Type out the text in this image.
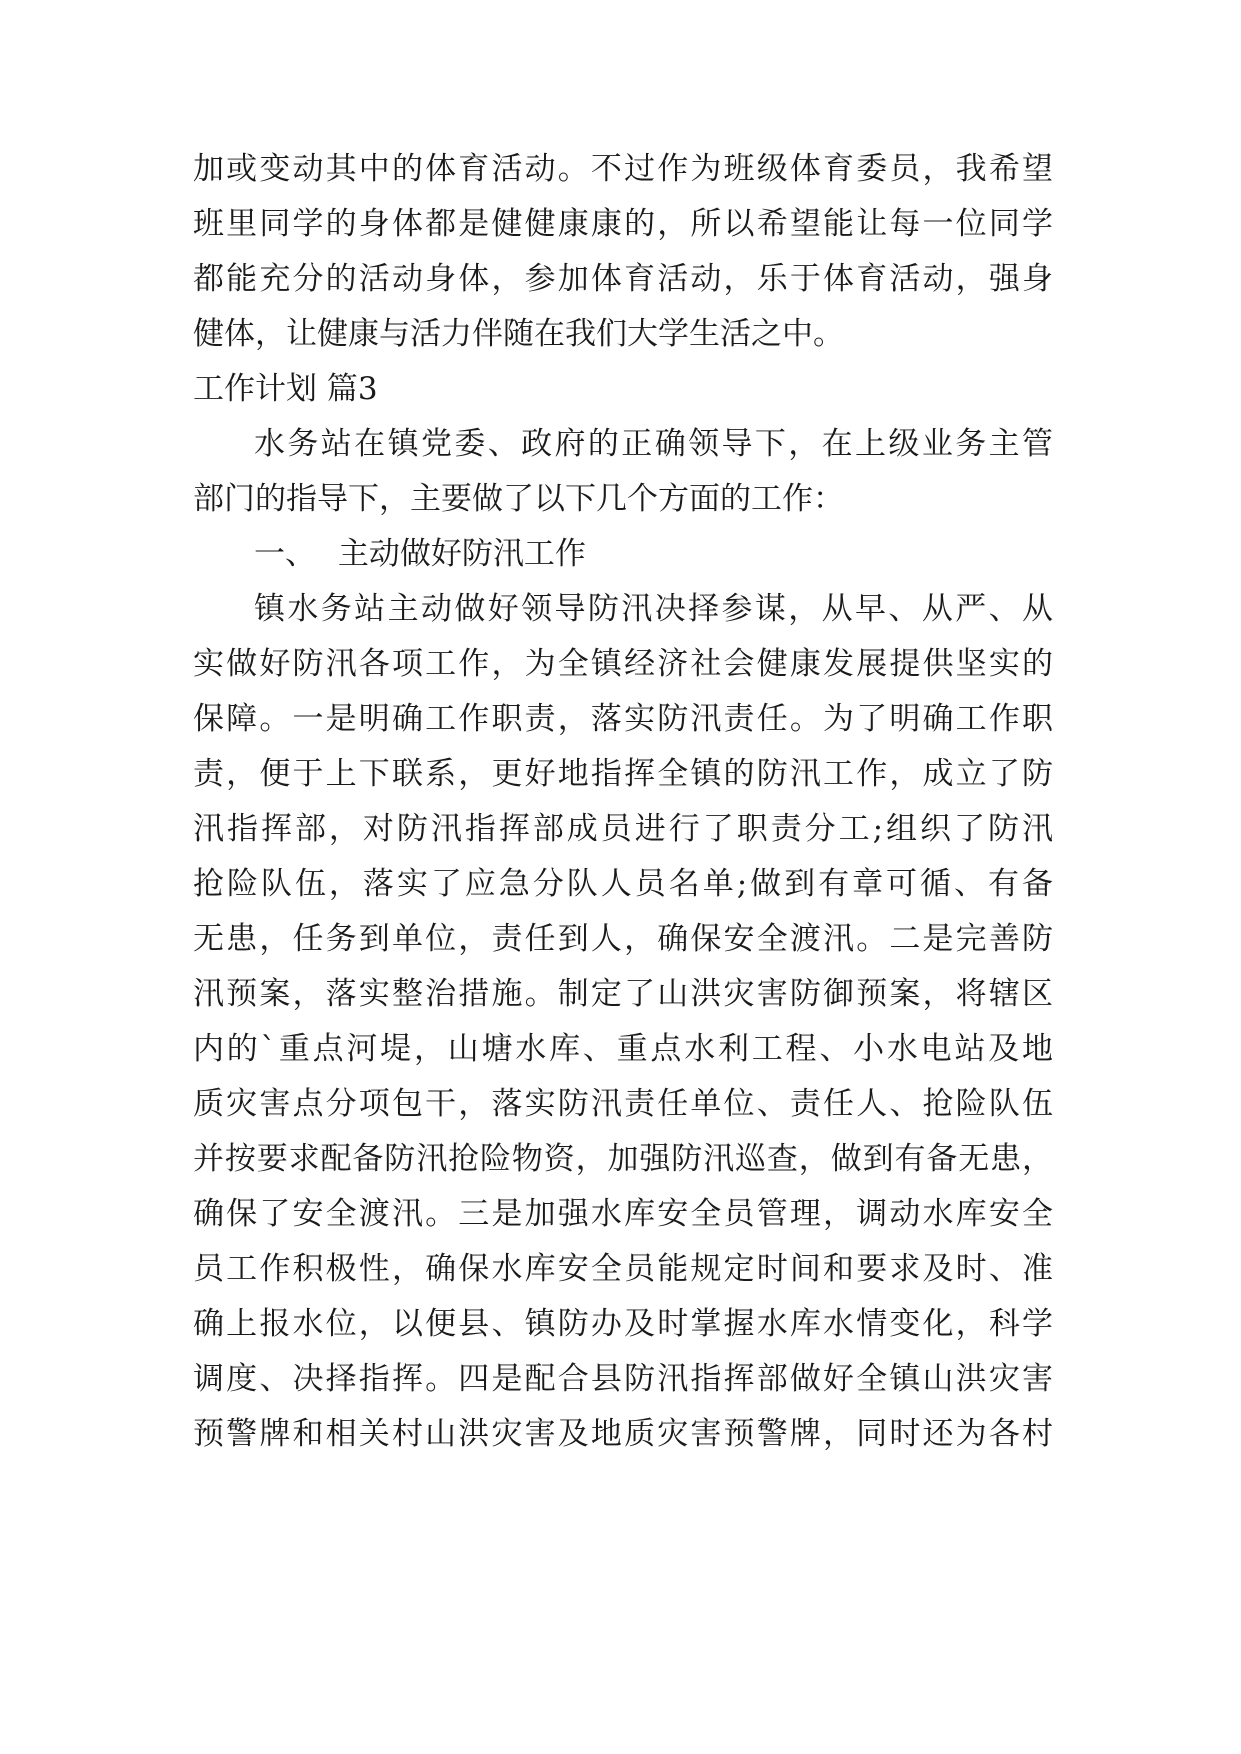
加或变动其中的体育活动。不过作为班级体育委员，我希望
班里同学的身体都是健健康康的，所以希望能让每一位同学
都能充分的活动身体，参加体育活动，乐于体育活动，强身
健体，让健康与活力伴随在我们大学生活之中。
工作计划 篇3
水务站在镇党委、政府的正确领导下，在上级业务主管
部门的指导下，主要做了以下几个方面的工作：
一、 主动做好防汛工作
镇水务站主动做好领导防汛决择参谋，从早、从严、从
实做好防汛各项工作，为全镇经济社会健康发展提供坚实的
保障。一是明确工作职责，落实防汛责任。为了明确工作职
责，便于上下联系，更好地指挥全镇的防汛工作，成立了防
汛指挥部，对防汛指挥部成员进行了职责分工;组织了防汛
抢险队伍，落实了应急分队人员名单;做到有章可循、有备
无患，任务到单位，责任到人，确保安全渡汛。二是完善防
汛预案，落实整治措施。制定了山洪灾害防御预案，将辖区
内的`重点河堤，山塘水库、重点水利工程、小水电站及地
质灾害点分项包干，落实防汛责任单位、责任人、抢险队伍
并按要求配备防汛抢险物资，加强防汛巡查，做到有备无患，
确保了安全渡汛。三是加强水库安全员管理，调动水库安全
员工作积极性，确保水库安全员能规定时间和要求及时、准
确上报水位，以便县、镇防办及时掌握水库水情变化，科学
调度、决择指挥。四是配合县防汛指挥部做好全镇山洪灾害
预警牌和相关村山洪灾害及地质灾害预警牌，同时还为各村
